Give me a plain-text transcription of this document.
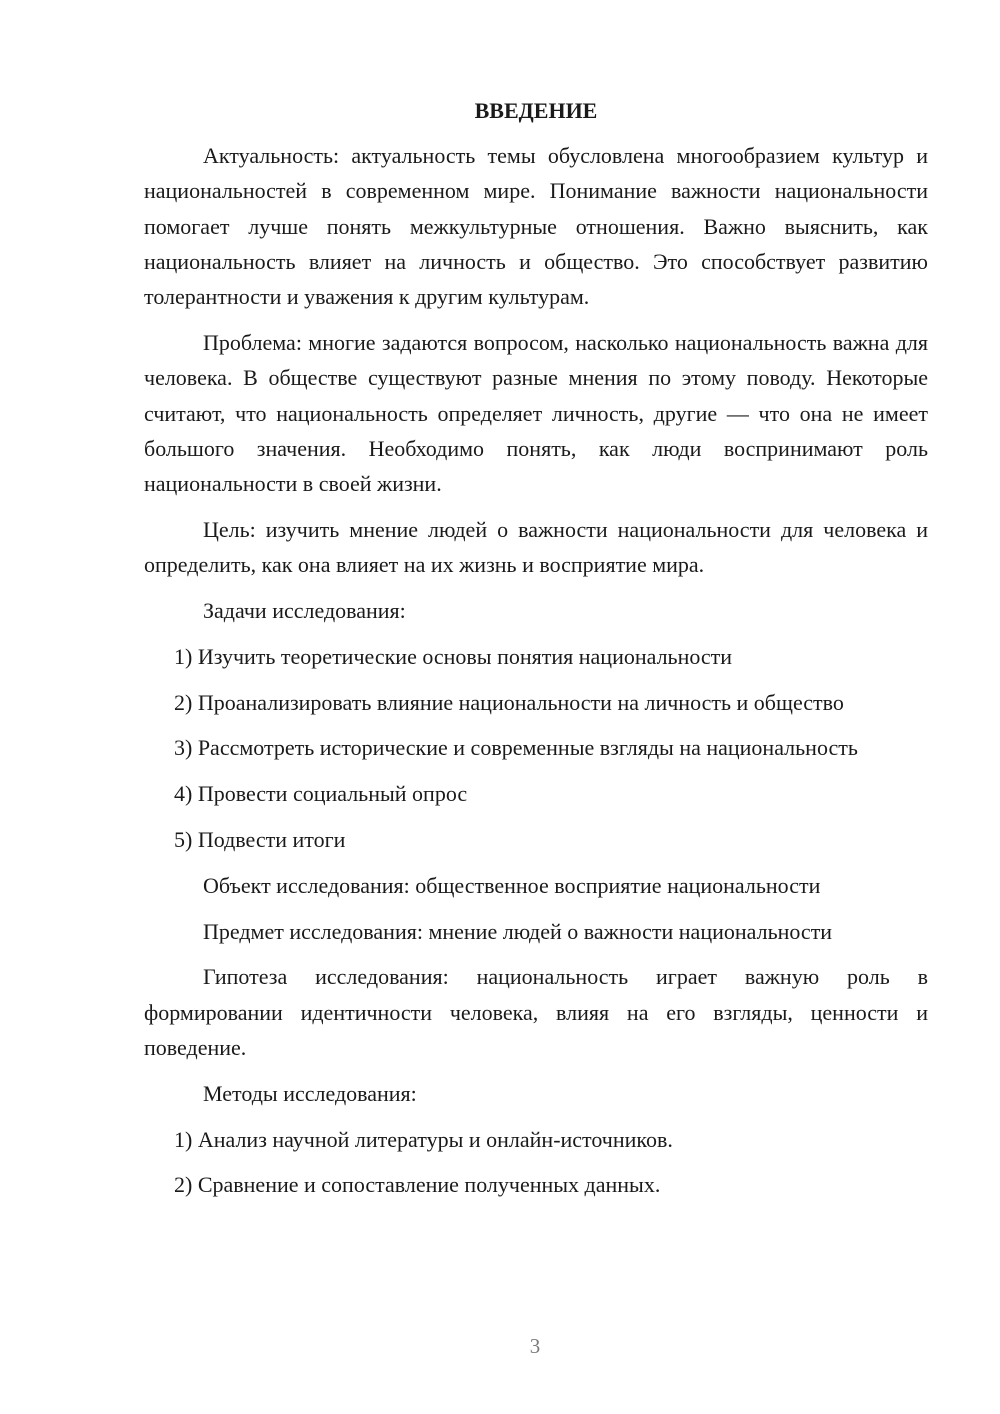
ВВЕДЕНИЕ

Актуальность: актуальность темы обусловлена многообразием культур и национальностей в современном мире. Понимание важности национальности помогает лучше понять межкультурные отношения. Важно выяснить, как национальность влияет на личность и общество. Это способствует развитию толерантности и уважения к другим культурам.

Проблема: многие задаются вопросом, насколько национальность важна для человека. В обществе существуют разные мнения по этому поводу. Некоторые считают, что национальность определяет личность, другие — что она не имеет большого значения. Необходимо понять, как люди воспринимают роль национальности в своей жизни.

Цель: изучить мнение людей о важности национальности для человека и определить, как она влияет на их жизнь и восприятие мира.

Задачи исследования:

1) Изучить теоретические основы понятия национальности

2) Проанализировать влияние национальности на личность и общество

3) Рассмотреть исторические и современные взгляды на национальность

4) Провести социальный опрос

5) Подвести итоги

Объект исследования: общественное восприятие национальности

Предмет исследования: мнение людей о важности национальности

Гипотеза исследования: национальность играет важную роль в формировании идентичности человека, влияя на его взгляды, ценности и поведение.

Методы исследования:

1) Анализ научной литературы и онлайн-источников.

2) Сравнение и сопоставление полученных данных.

3
